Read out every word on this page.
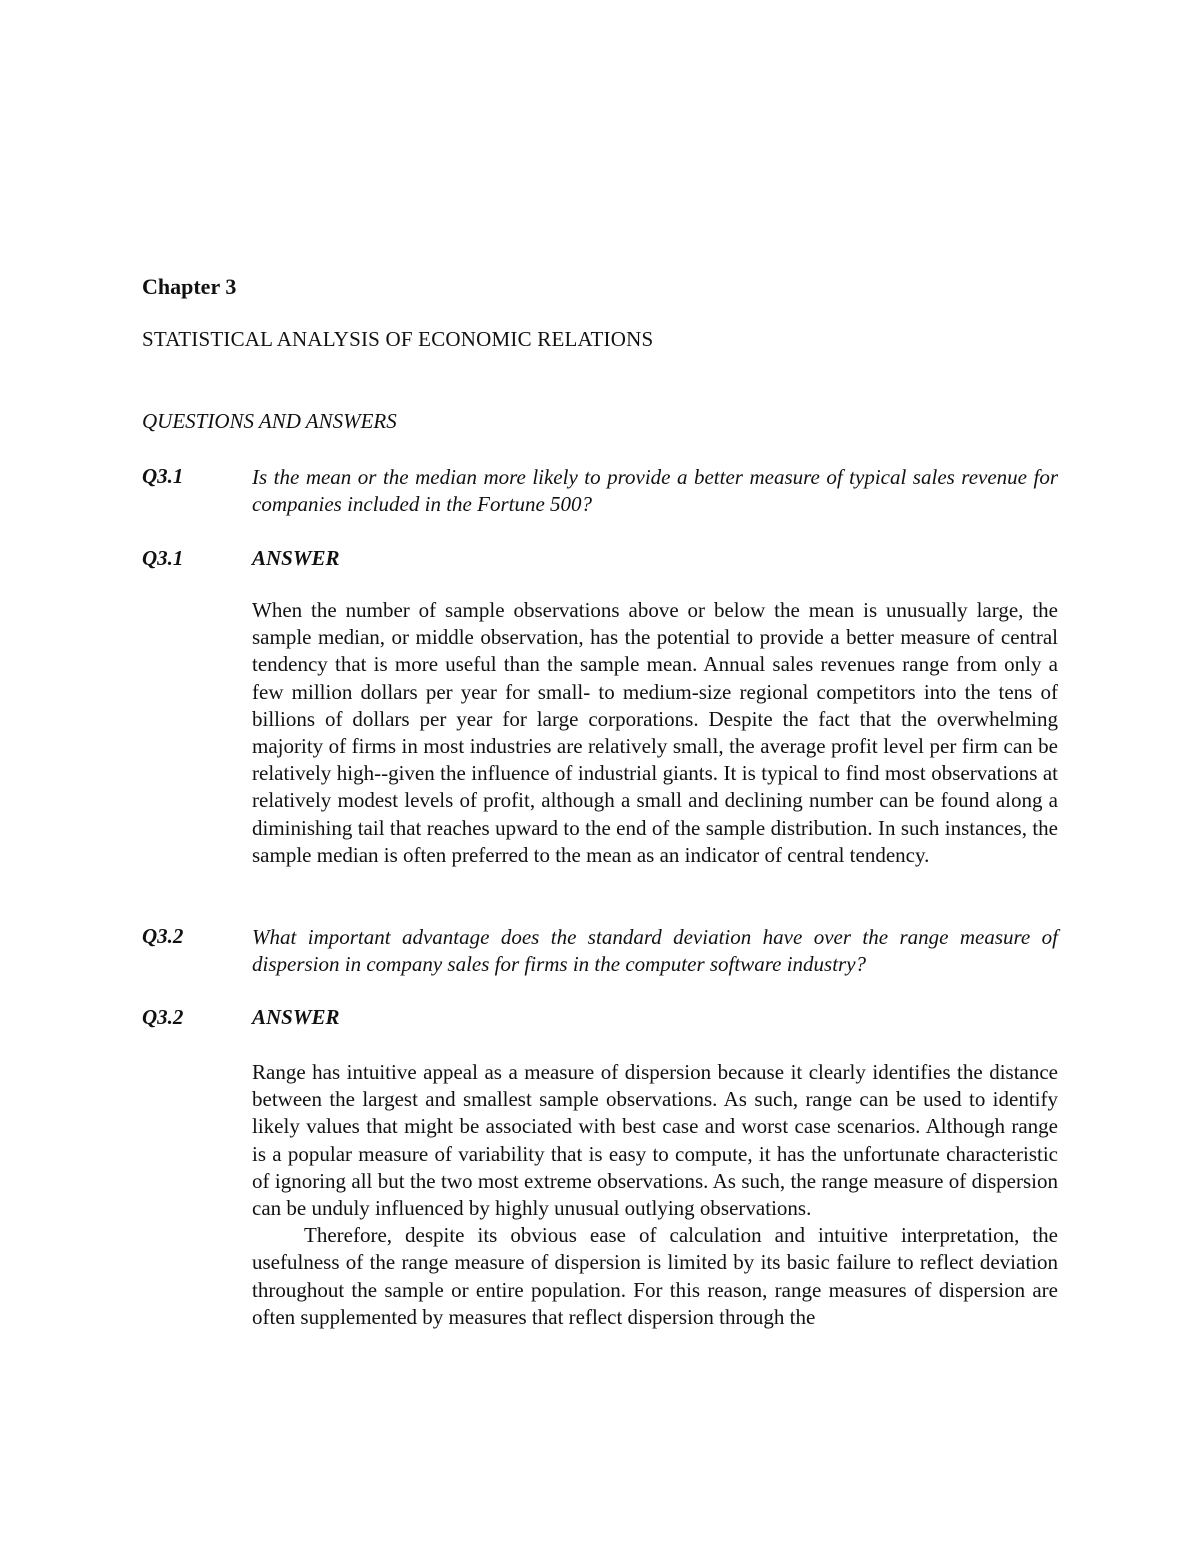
Chapter 3
STATISTICAL ANALYSIS OF ECONOMIC RELATIONS
QUESTIONS AND ANSWERS
Q3.1	Is the mean or the median more likely to provide a better measure of typical sales revenue for companies included in the Fortune 500?
Q3.1	ANSWER

When the number of sample observations above or below the mean is unusually large, the sample median, or middle observation, has the potential to provide a better measure of central tendency that is more useful than the sample mean. Annual sales revenues range from only a few million dollars per year for small- to medium-size regional competitors into the tens of billions of dollars per year for large corporations. Despite the fact that the overwhelming majority of firms in most industries are relatively small, the average profit level per firm can be relatively high--given the influence of industrial giants. It is typical to find most observations at relatively modest levels of profit, although a small and declining number can be found along a diminishing tail that reaches upward to the end of the sample distribution. In such instances, the sample median is often preferred to the mean as an indicator of central tendency.

Q3.2	What important advantage does the standard deviation have over the range measure of dispersion in company sales for firms in the computer software industry?
Q3.2	ANSWER

Range has intuitive appeal as a measure of dispersion because it clearly identifies the distance between the largest and smallest sample observations. As such, range can be used to identify likely values that might be associated with best case and worst case scenarios. Although range is a popular measure of variability that is easy to compute, it has the unfortunate characteristic of ignoring all but the two most extreme observations. As such, the range measure of dispersion can be unduly influenced by highly unusual outlying observations.

Therefore, despite its obvious ease of calculation and intuitive interpretation, the usefulness of the range measure of dispersion is limited by its basic failure to reflect deviation throughout the sample or entire population. For this reason, range measures of dispersion are often supplemented by measures that reflect dispersion through the
